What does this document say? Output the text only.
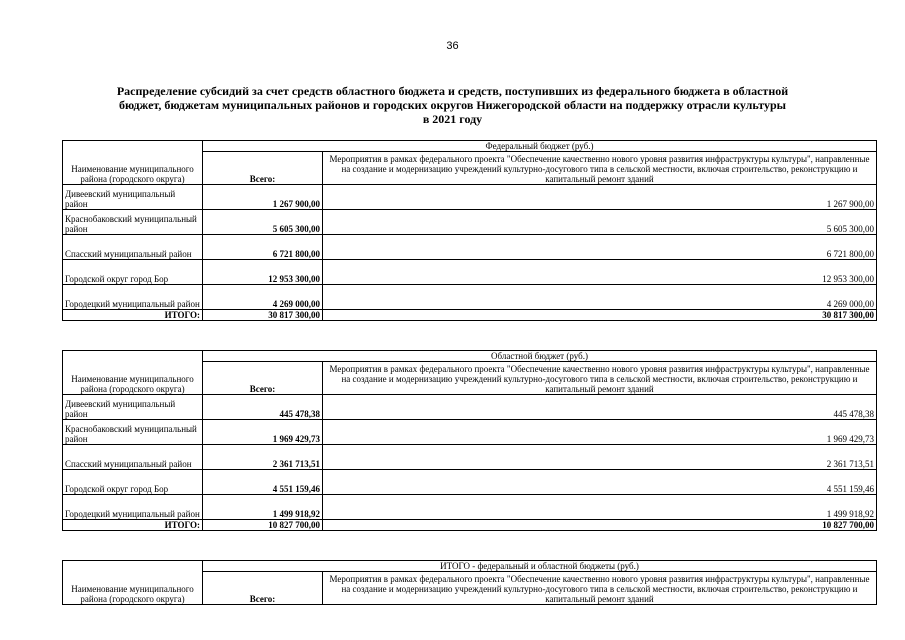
36
Распределение субсидий за счет средств областного бюджета и средств, поступивших из федерального бюджета в областной
бюджет, бюджетам муниципальных районов и городских округов Нижегородской области на поддержку отрасли культуры
в 2021 году
Наименование муниципального района (городского округа)	Федеральный бюджет (руб.)	
	Всего:	Мероприятия в рамках федерального проекта "Обеспечение качественно нового уровня развития инфраструктуры культуры", направленные на создание и модернизацию учреждений культурно-досугового типа в сельской местности, включая строительство, реконструкцию и капитальный ремонт зданий
Дивеевский муниципальный район	1 267 900,00	1 267 900,00
Краснобаковский муниципальный район	5 605 300,00	5 605 300,00
Спасский муниципальный район	6 721 800,00	6 721 800,00
Городской округ город Бор	12 953 300,00	12 953 300,00
Городецкий муниципальный район	4 269 000,00	4 269 000,00
ИТОГО:	30 817 300,00	30 817 300,00
Наименование муниципального района (городского округа)	Областной бюджет (руб.)	
	Всего:	Мероприятия в рамках федерального проекта "Обеспечение качественно нового уровня развития инфраструктуры культуры", направленные на создание и модернизацию учреждений культурно-досугового типа в сельской местности, включая строительство, реконструкцию и капитальный ремонт зданий
Дивеевский муниципальный район	445 478,38	445 478,38
Краснобаковский муниципальный район	1 969 429,73	1 969 429,73
Спасский муниципальный район	2 361 713,51	2 361 713,51
Городской округ город Бор	4 551 159,46	4 551 159,46
Городецкий муниципальный район	1 499 918,92	1 499 918,92
ИТОГО:	10 827 700,00	10 827 700,00
Наименование муниципального района (городского округа)	ИТОГО - федеральный и областной бюджеты (руб.)	
	Всего:	Мероприятия в рамках федерального проекта "Обеспечение качественно нового уровня развития инфраструктуры культуры", направленные на создание и модернизацию учреждений культурно-досугового типа в сельской местности, включая строительство, реконструкцию и капитальный ремонт зданий
